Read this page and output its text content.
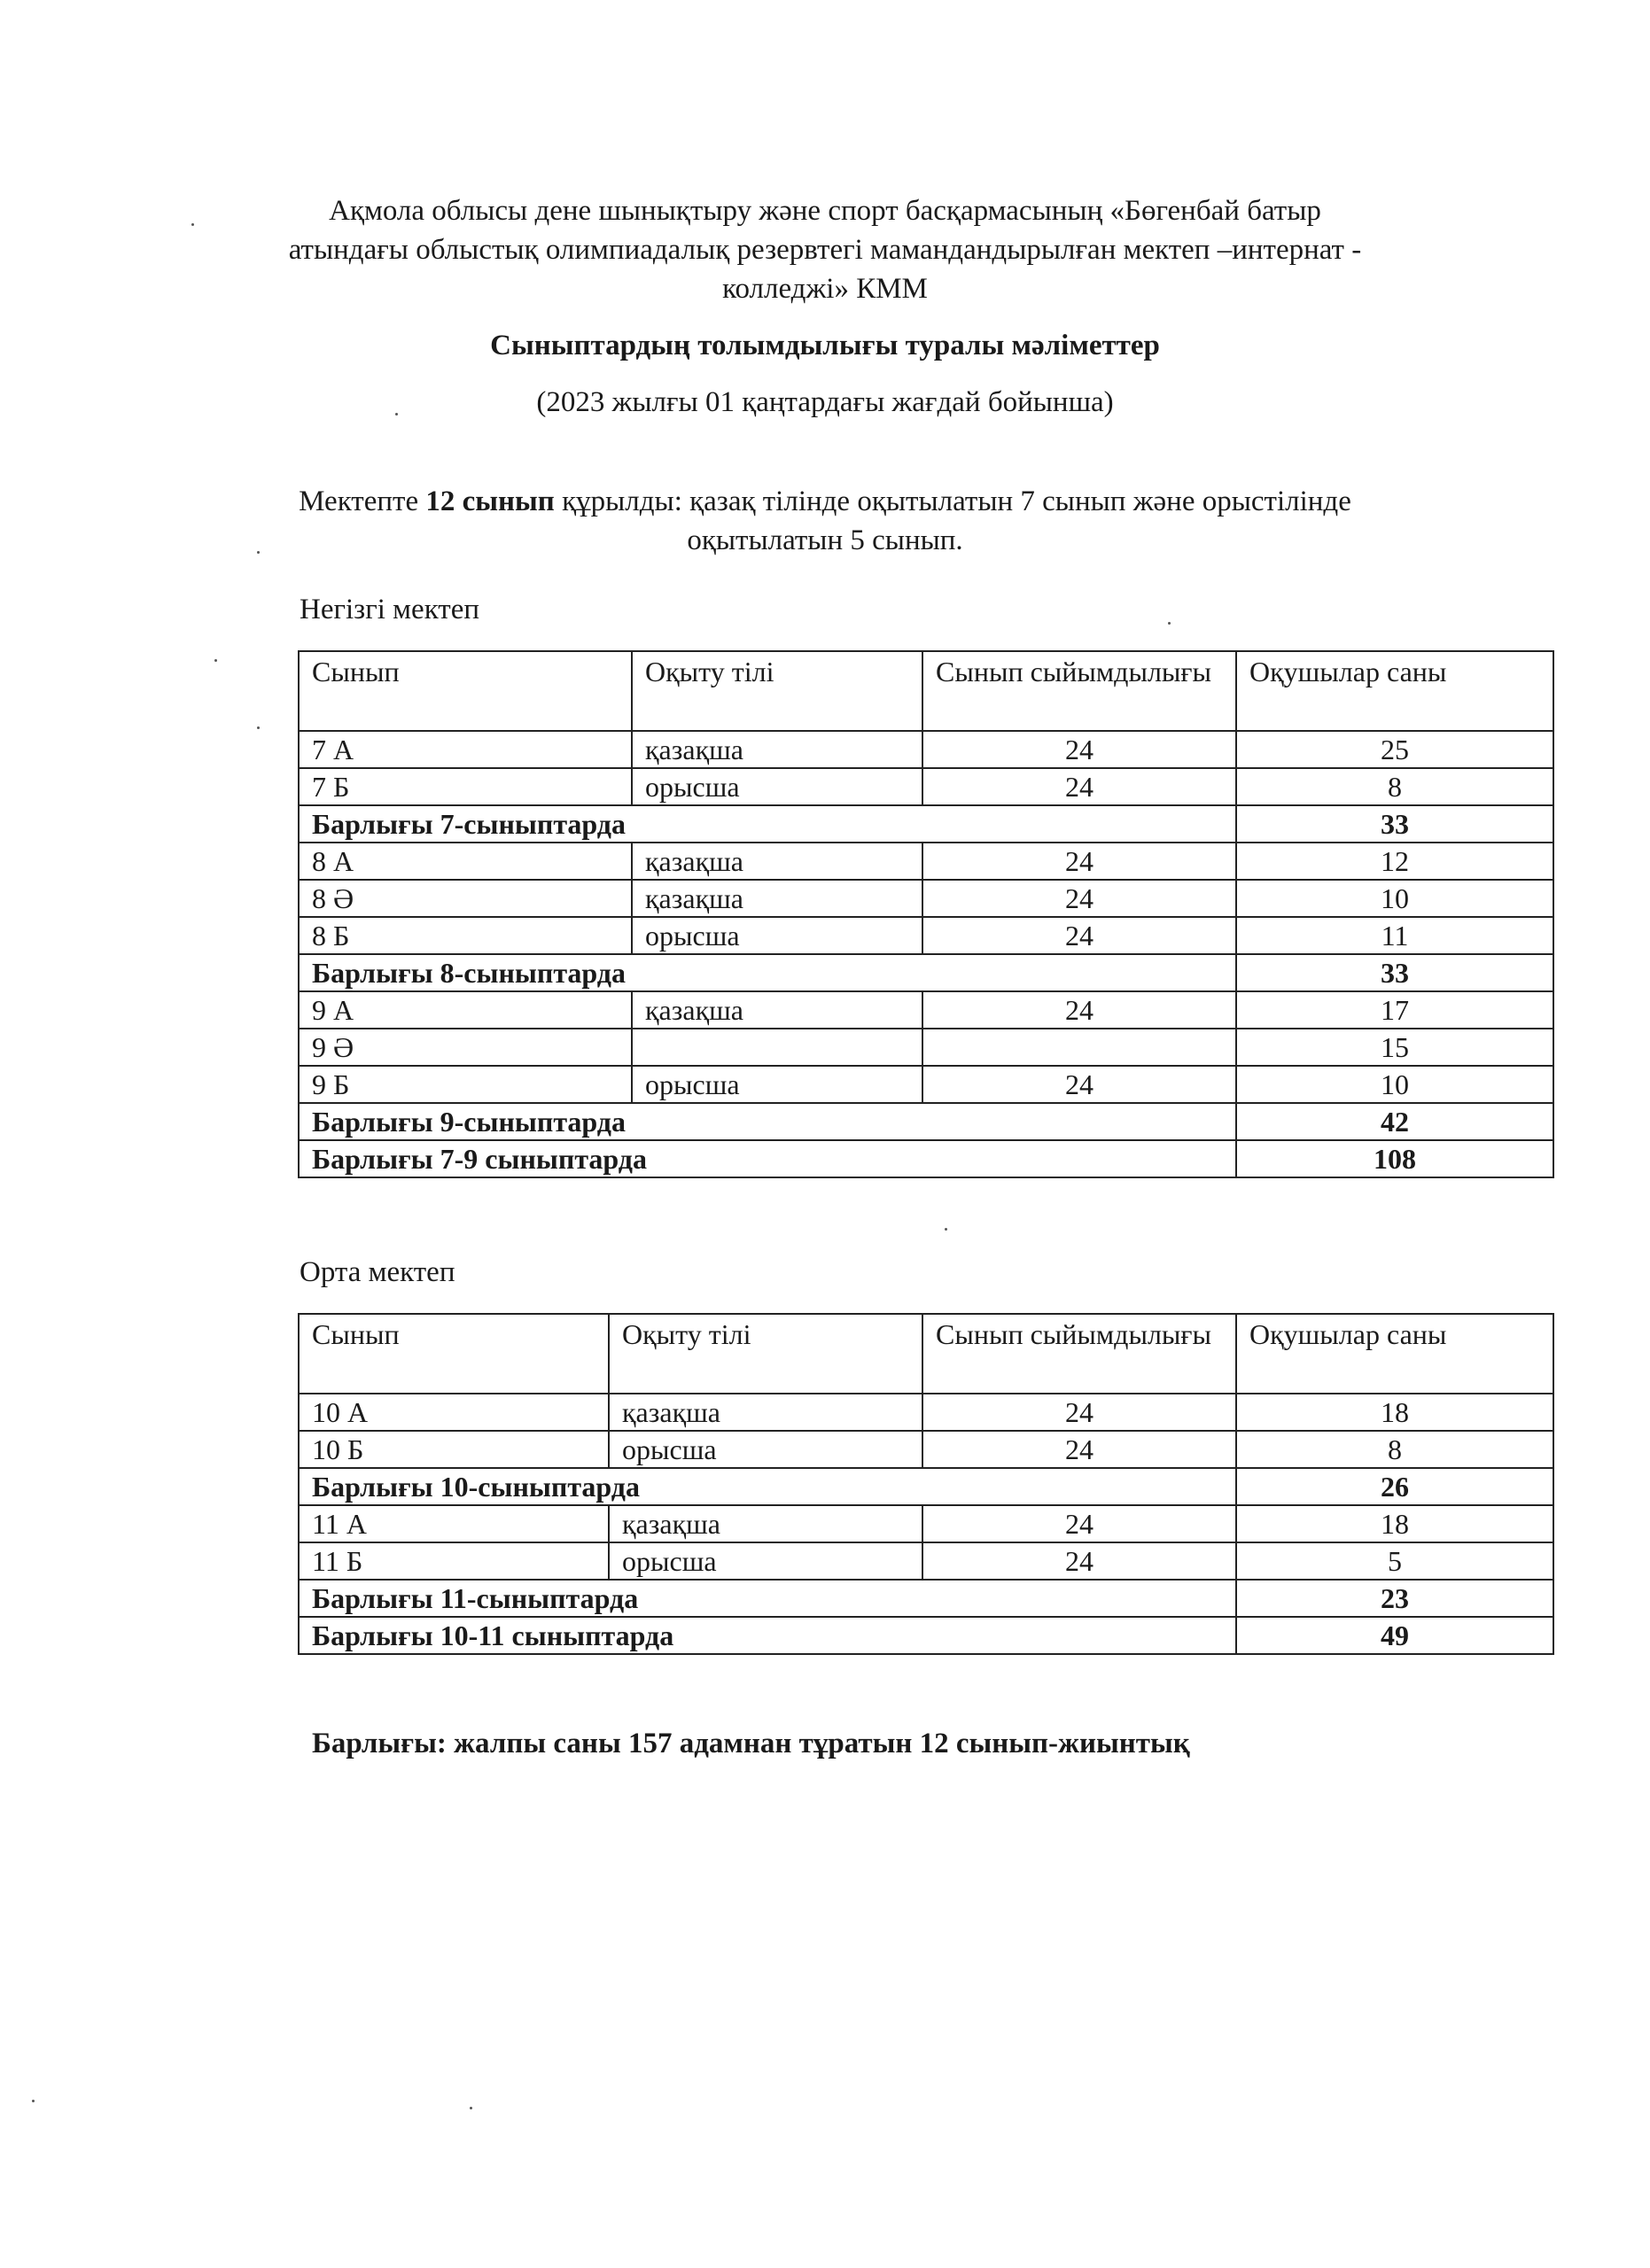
Ақмола облысы дене шынықтыру және спорт басқармасының «Бөгенбай батыр
атындағы облыстық олимпиадалық резервтегі мамандандырылған мектеп –интернат -
колледжі» КММ
Сыныптардың толымдылығы туралы мәліметтер
(2023 жылғы 01 қаңтардағы жағдай бойынша)
Мектепте 12 сынып құрылды: қазақ тілінде оқытылатын 7 сынып және орыстілінде
оқытылатын 5 сынып.
Негізгі мектеп
Сынып	Оқыту тілі	Сынып сыйымдылығы	Оқушылар саны
7 А	қазақша	24	25
7 Б	орысша	24	8
Барлығы 7-сыныптарда			33
8 А	қазақша	24	12
8 Ә	қазақша	24	10
8 Б	орысша	24	11
Барлығы 8-сыныптарда			33
9 А	қазақша	24	17
9 Ә			15
9 Б	орысша	24	10
Барлығы 9-сыныптарда			42
Барлығы 7-9 сыныптарда			108
Орта мектеп
Сынып	Оқыту тілі	Сынып сыйымдылығы	Оқушылар саны
10 А	қазақша	24	18
10 Б	орысша	24	8
Барлығы 10-сыныптарда			26
11 А	қазақша	24	18
11 Б	орысша	24	5
Барлығы 11-сыныптарда			23
Барлығы 10-11 сыныптарда			49
Барлығы: жалпы саны 157 адамнан тұратын 12 сынып-жиынтық
